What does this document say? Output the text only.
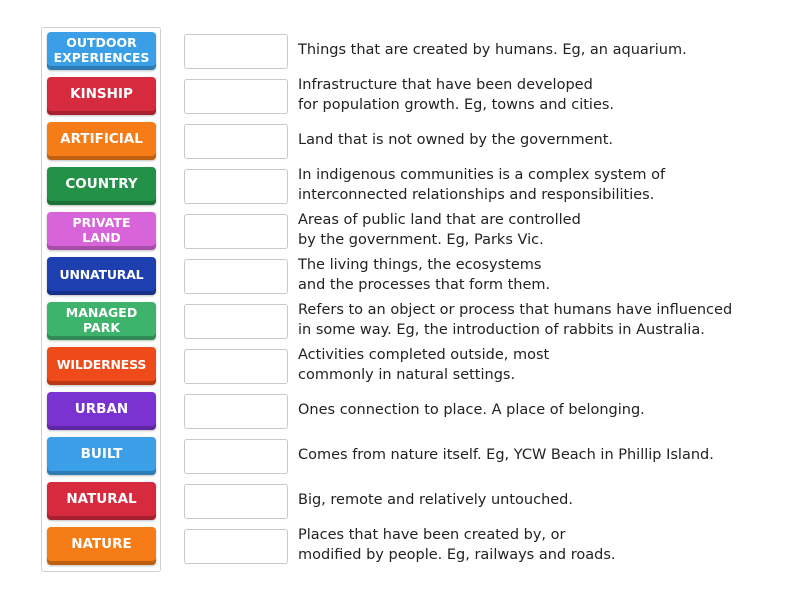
OUTDOOR
EXPERIENCES
KINSHIP
ARTIFICIAL
COUNTRY
PRIVATE
LAND
UNNATURAL
MANAGED
PARK
WILDERNESS
URBAN
BUILT
NATURAL
NATURE
Things that are created by humans. Eg, an aquarium.
Infrastructure that have been developed
for population growth. Eg, towns and cities.
Land that is not owned by the government.
In indigenous communities is a complex system of
interconnected relationships and responsibilities.
Areas of public land that are controlled
by the government. Eg, Parks Vic.
The living things, the ecosystems
and the processes that form them.
Refers to an object or process that humans have influenced
in some way. Eg, the introduction of rabbits in Australia.
Activities completed outside, most
commonly in natural settings.
Ones connection to place. A place of belonging.
Comes from nature itself. Eg, YCW Beach in Phillip Island.
Big, remote and relatively untouched.
Places that have been created by, or
modified by people. Eg, railways and roads.
